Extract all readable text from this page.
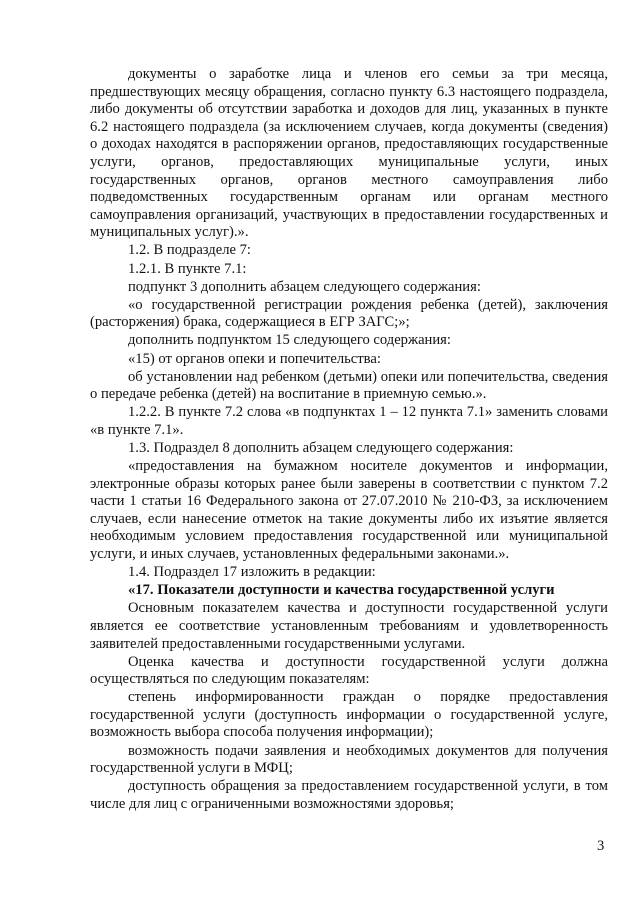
документы о заработке лица и членов его семьи за три месяца, предшествующих месяцу обращения, согласно пункту 6.3 настоящего подраздела, либо документы об отсутствии заработка и доходов для лиц, указанных в пункте 6.2 настоящего подраздела (за исключением случаев, когда документы (сведения) о доходах находятся в распоряжении органов, предоставляющих государственные услуги, органов, предоставляющих муниципальные услуги, иных государственных органов, органов местного самоуправления либо подведомственных государственным органам или органам местного самоуправления организаций, участвующих в предоставлении государственных и муниципальных услуг).».

1.2. В подразделе 7:

1.2.1. В пункте 7.1:

подпункт 3 дополнить абзацем следующего содержания:

«о государственной регистрации рождения ребенка (детей), заключения (расторжения) брака, содержащиеся в ЕГР ЗАГС;»;

дополнить подпунктом 15 следующего содержания:

«15) от органов опеки и попечительства:

об установлении над ребенком (детьми) опеки или попечительства, сведения о передаче ребенка (детей) на воспитание в приемную семью.».

1.2.2. В пункте 7.2 слова «в подпунктах 1 – 12 пункта 7.1» заменить словами «в пункте 7.1».

1.3. Подраздел 8 дополнить абзацем следующего содержания:

«предоставления на бумажном носителе документов и информации, электронные образы которых ранее были заверены в соответствии с пунктом 7.2 части 1 статьи 16 Федерального закона от 27.07.2010 № 210-ФЗ, за исключением случаев, если нанесение отметок на такие документы либо их изъятие является необходимым условием предоставления государственной или муниципальной услуги, и иных случаев, установленных федеральными законами.».

1.4. Подраздел 17 изложить в редакции:

«17. Показатели доступности и качества государственной услуги

Основным показателем качества и доступности государственной услуги является ее соответствие установленным требованиям и удовлетворенность заявителей предоставленными государственными услугами.

Оценка качества и доступности государственной услуги должна осуществляться по следующим показателям:

степень информированности граждан о порядке предоставления государственной услуги (доступность информации о государственной услуге, возможность выбора способа получения информации);

возможность подачи заявления и необходимых документов для получения государственной услуги в МФЦ;

доступность обращения за предоставлением государственной услуги, в том числе для лиц с ограниченными возможностями здоровья;

3
